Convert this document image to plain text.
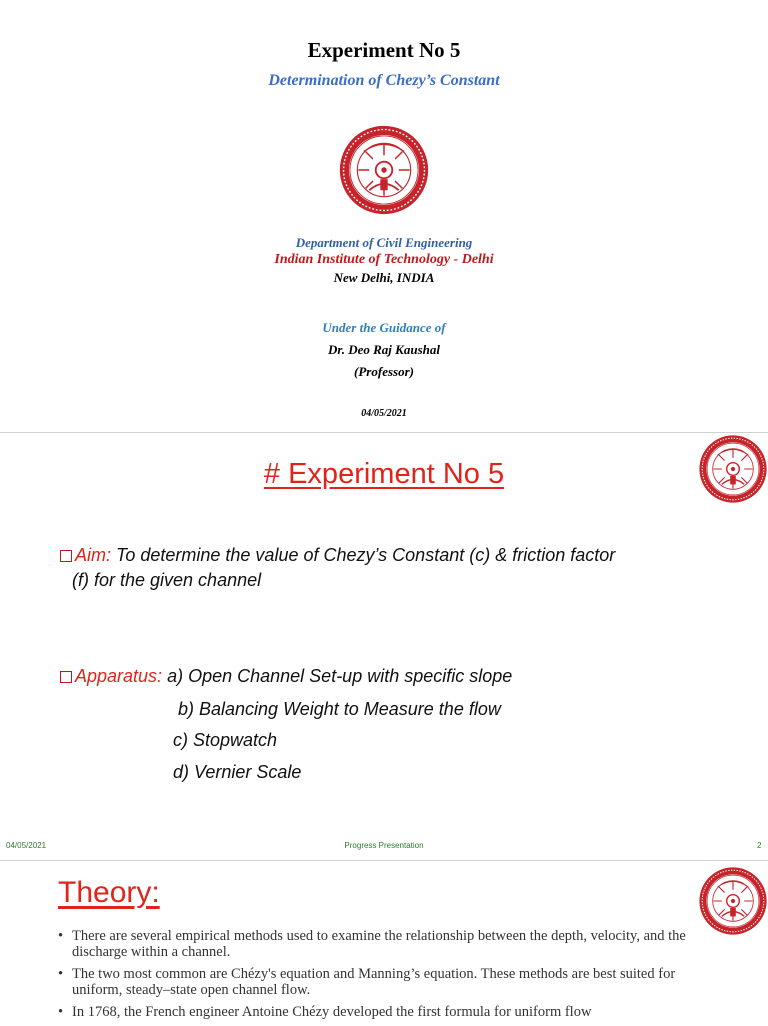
Experiment No 5
Determination of Chezy’s Constant
Department of Civil Engineering
Indian Institute of Technology - Delhi
New Delhi, INDIA
Under the Guidance of
Dr. Deo Raj Kaushal
(Professor)
04/05/2021
# Experiment No 5
Aim: To determine the value of Chezy’s Constant (c) & friction factor
(f) for the given channel
Apparatus: a) Open Channel Set-up with specific slope
b) Balancing Weight to Measure the flow
c) Stopwatch
d) Vernier Scale
04/05/2021	Progress Presentation	2
Theory:
• There are several empirical methods used to examine the relationship between the depth, velocity, and the discharge within a channel.
• The two most common are Chézy's equation and Manning’s equation. These methods are best suited for uniform, steady–state open channel flow.
• In 1768, the French engineer Antoine Chézy developed the first formula for uniform flow
